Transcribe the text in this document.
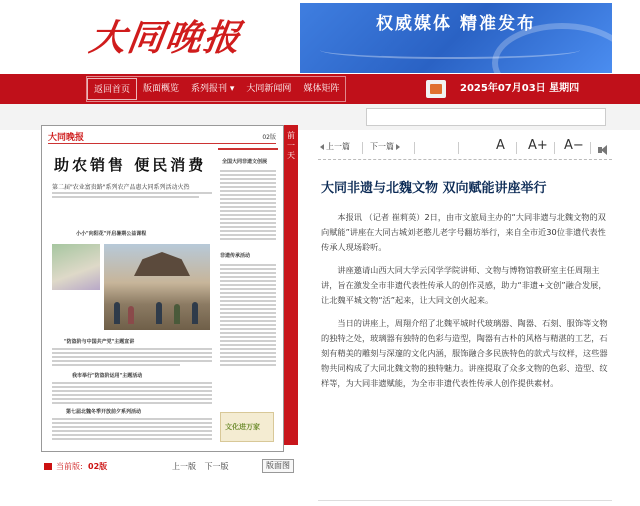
大同晚报	权威媒体 精准发布
返回首页	版面概览	系列报刊 ▾	大同新闻网	媒体矩阵	2025年07月03日 星期四
大同晚报	02版
助农销售 便民消费
第二届"农业富贵路"系列农产品惠大同系列活动火热
小小"向阳花"开启暑期公益课程
"防盗阶与中国共产党"主题宣讲
我市举行"防盗阶运用"主题活动
第七届北魏冬季开放前夕系列活动
全国大同非遗文创展
非遗传承活动
文化进万家
前一天
当前版: 02版	上一版 下一版	版面图
上一篇	下一篇	A A+ A−
大同非遗与北魏文物 双向赋能讲座举行

本报讯 （记者 崔莉英）2日，由市文旅局主办的“大同非遗与北魏文物的双向赋能”讲座在大同古城刘老憨儿老字号翻坊举行，来自全市近30位非遗代表性传承人现场聆听。

讲座邀请山西大同大学云冈学学院讲师、文物与博物馆教研室主任周翔主讲，旨在激发全市非遗代表性传承人的创作灵感，助力“非遗+文创”融合发展，让北魏平城文物“活”起来，让大同文创火起来。

当日的讲座上，周翔介绍了北魏平城时代玻璃器、陶器、石刻、服饰等文物的独特之处，玻璃器有独特的色彩与造型，陶器有古朴的风格与精湛的工艺，石刻有精美的雕刻与深邃的文化内涵，服饰融合多民族特色的款式与纹样，这些器物共同构成了大同北魏文物的独特魅力。讲座提取了众多文物的色彩、造型、纹样等，为大同非遗赋能，为全市非遗代表性传承人创作提供素材。
